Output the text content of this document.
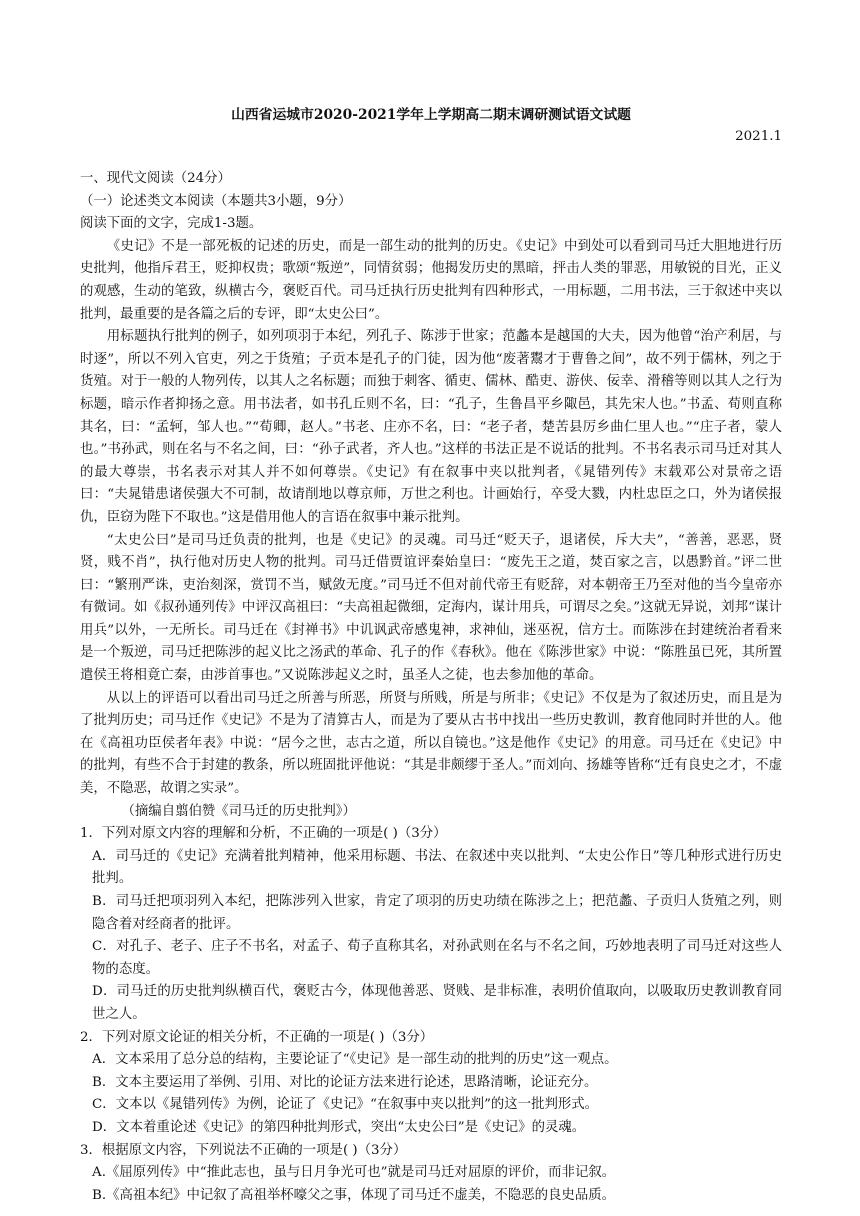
山西省运城市2020-2021学年上学期高二期末调研测试语文试题

2021.1

一、现代文阅读（24分）

（一）论述类文本阅读（本题共3小题，9分）

阅读下面的文字，完成1-3题。

《史记》不是一部死板的记述的历史，而是一部生动的批判的历史。《史记》中到处可以看到司马迁大胆地进行历史批判，他指斥君王，贬抑权贵；歌颂“叛逆”，同情贫弱；他揭发历史的黑暗，抨击人类的罪恶，用敏锐的目光，正义的观感，生动的笔致，纵横古今，褒贬百代。司马迁执行历史批判有四种形式，一用标题，二用书法，三于叙述中夹以批判，最重要的是各篇之后的专评，即“太史公曰”。

用标题执行批判的例子，如列项羽于本纪，列孔子、陈涉于世家；范蠡本是越国的大夫，因为他曾“治产利居，与时逐”，所以不列入官吏，列之于货殖；子贡本是孔子的门徒，因为他“废著鬻才于曹鲁之间”，故不列于儒林，列之于货殖。对于一般的人物列传，以其人之名标题；而独于刺客、循吏、儒林、酷吏、游侠、佞幸、滑稽等则以其人之行为标题，暗示作者抑扬之意。用书法者，如书孔丘则不名，曰：“孔子，生鲁昌平乡陬邑，其先宋人也。”书孟、荀则直称其名，曰：“孟轲，邹人也。”“荀卿，赵人。”书老、庄亦不名，曰：“老子者，楚苦县厉乡曲仁里人也。”“庄子者，蒙人也。”书孙武，则在名与不名之间，曰：“孙子武者，齐人也。”这样的书法正是不说话的批判。不书名表示司马迁对其人的最大尊崇，书名表示对其人并不如何尊崇。《史记》有在叙事中夹以批判者，《晁错列传》末载邓公对景帝之语曰：“夫晁错患诸侯强大不可制，故请削地以尊京师，万世之利也。计画始行，卒受大戮，内杜忠臣之口，外为诸侯报仇，臣窃为陛下不取也。”这是借用他人的言语在叙事中兼示批判。

“太史公曰”是司马迁负责的批判，也是《史记》的灵魂。司马迁“贬天子，退诸侯，斥大夫”，“善善，恶恶，贤贤，贱不肖”，执行他对历史人物的批判。司马迁借贾谊评秦始皇曰：“废先王之道，焚百家之言，以愚黔首。”评二世曰：“繁刑严诛，吏治刻深，赏罚不当，赋敛无度。”司马迁不但对前代帝王有贬辞，对本朝帝王乃至对他的当今皇帝亦有微词。如《叔孙通列传》中评汉高祖曰：“夫高祖起微细，定海内，谋计用兵，可谓尽之矣。”这就无异说，刘邦“谋计用兵”以外，一无所长。司马迁在《封禅书》中讥讽武帝感鬼神，求神仙，迷巫祝，信方士。而陈涉在封建统治者看来是一个叛逆，司马迁把陈涉的起义比之汤武的革命、孔子的作《春秋》。他在《陈涉世家》中说：“陈胜虽已死，其所置遣侯王将相竟亡秦，由涉首事也。”又说陈涉起义之时，虽圣人之徒，也去参加他的革命。

从以上的评语可以看出司马迁之所善与所恶，所贤与所贱，所是与所非；《史记》不仅是为了叙述历史，而且是为了批判历史；司马迁作《史记》不是为了清算古人，而是为了要从古书中找出一些历史教训，教育他同时并世的人。他在《高祖功臣侯者年表》中说：“居今之世，志古之道，所以自镜也。”这是他作《史记》的用意。司马迁在《史记》中的批判，有些不合于封建的教条，所以班固批评他说：“其是非颇缪于圣人。”而刘向、扬雄等皆称“迁有良史之才，不虚美，不隐恶，故谓之实录”。

（摘编自翦伯赞《司马迁的历史批判》）

1．下列对原文内容的理解和分析，不正确的一项是( )（3分）

A．司马迁的《史记》充满着批判精神，他采用标题、书法、在叙述中夹以批判、“太史公作日”等几种形式进行历史批判。

B．司马迁把项羽列入本纪，把陈涉列入世家，肯定了项羽的历史功绩在陈涉之上；把范蠡、子贡归人货殖之列，则隐含着对经商者的批评。

C．对孔子、老子、庄子不书名，对孟子、荀子直称其名，对孙武则在名与不名之间，巧妙地表明了司马迁对这些人物的态度。

D．司马迁的历史批判纵横百代，褒贬古今，体现他善恶、贤贱、是非标准，表明价值取向，以吸取历史教训教育同世之人。

2．下列对原文论证的相关分析，不正确的一项是( )（3分）

A．文本采用了总分总的结构，主要论证了“《史记》是一部生动的批判的历史”这一观点。

B．文本主要运用了举例、引用、对比的论证方法来进行论述，思路清晰，论证充分。

C．文本以《晁错列传》为例，论证了《史记》“在叙事中夹以批判”的这一批判形式。

D．文本着重论述《史记》的第四种批判形式，突出“太史公曰”是《史记》的灵魂。

3．根据原文内容，下列说法不正确的一项是( )（3分）

A.《屈原列传》中“推此志也，虽与日月争光可也”就是司马迁对屈原的评价，而非记叙。

B.《高祖本纪》中记叙了高祖举杯嚎父之事，体现了司马迁不虚美，不隐恶的良史品质。
